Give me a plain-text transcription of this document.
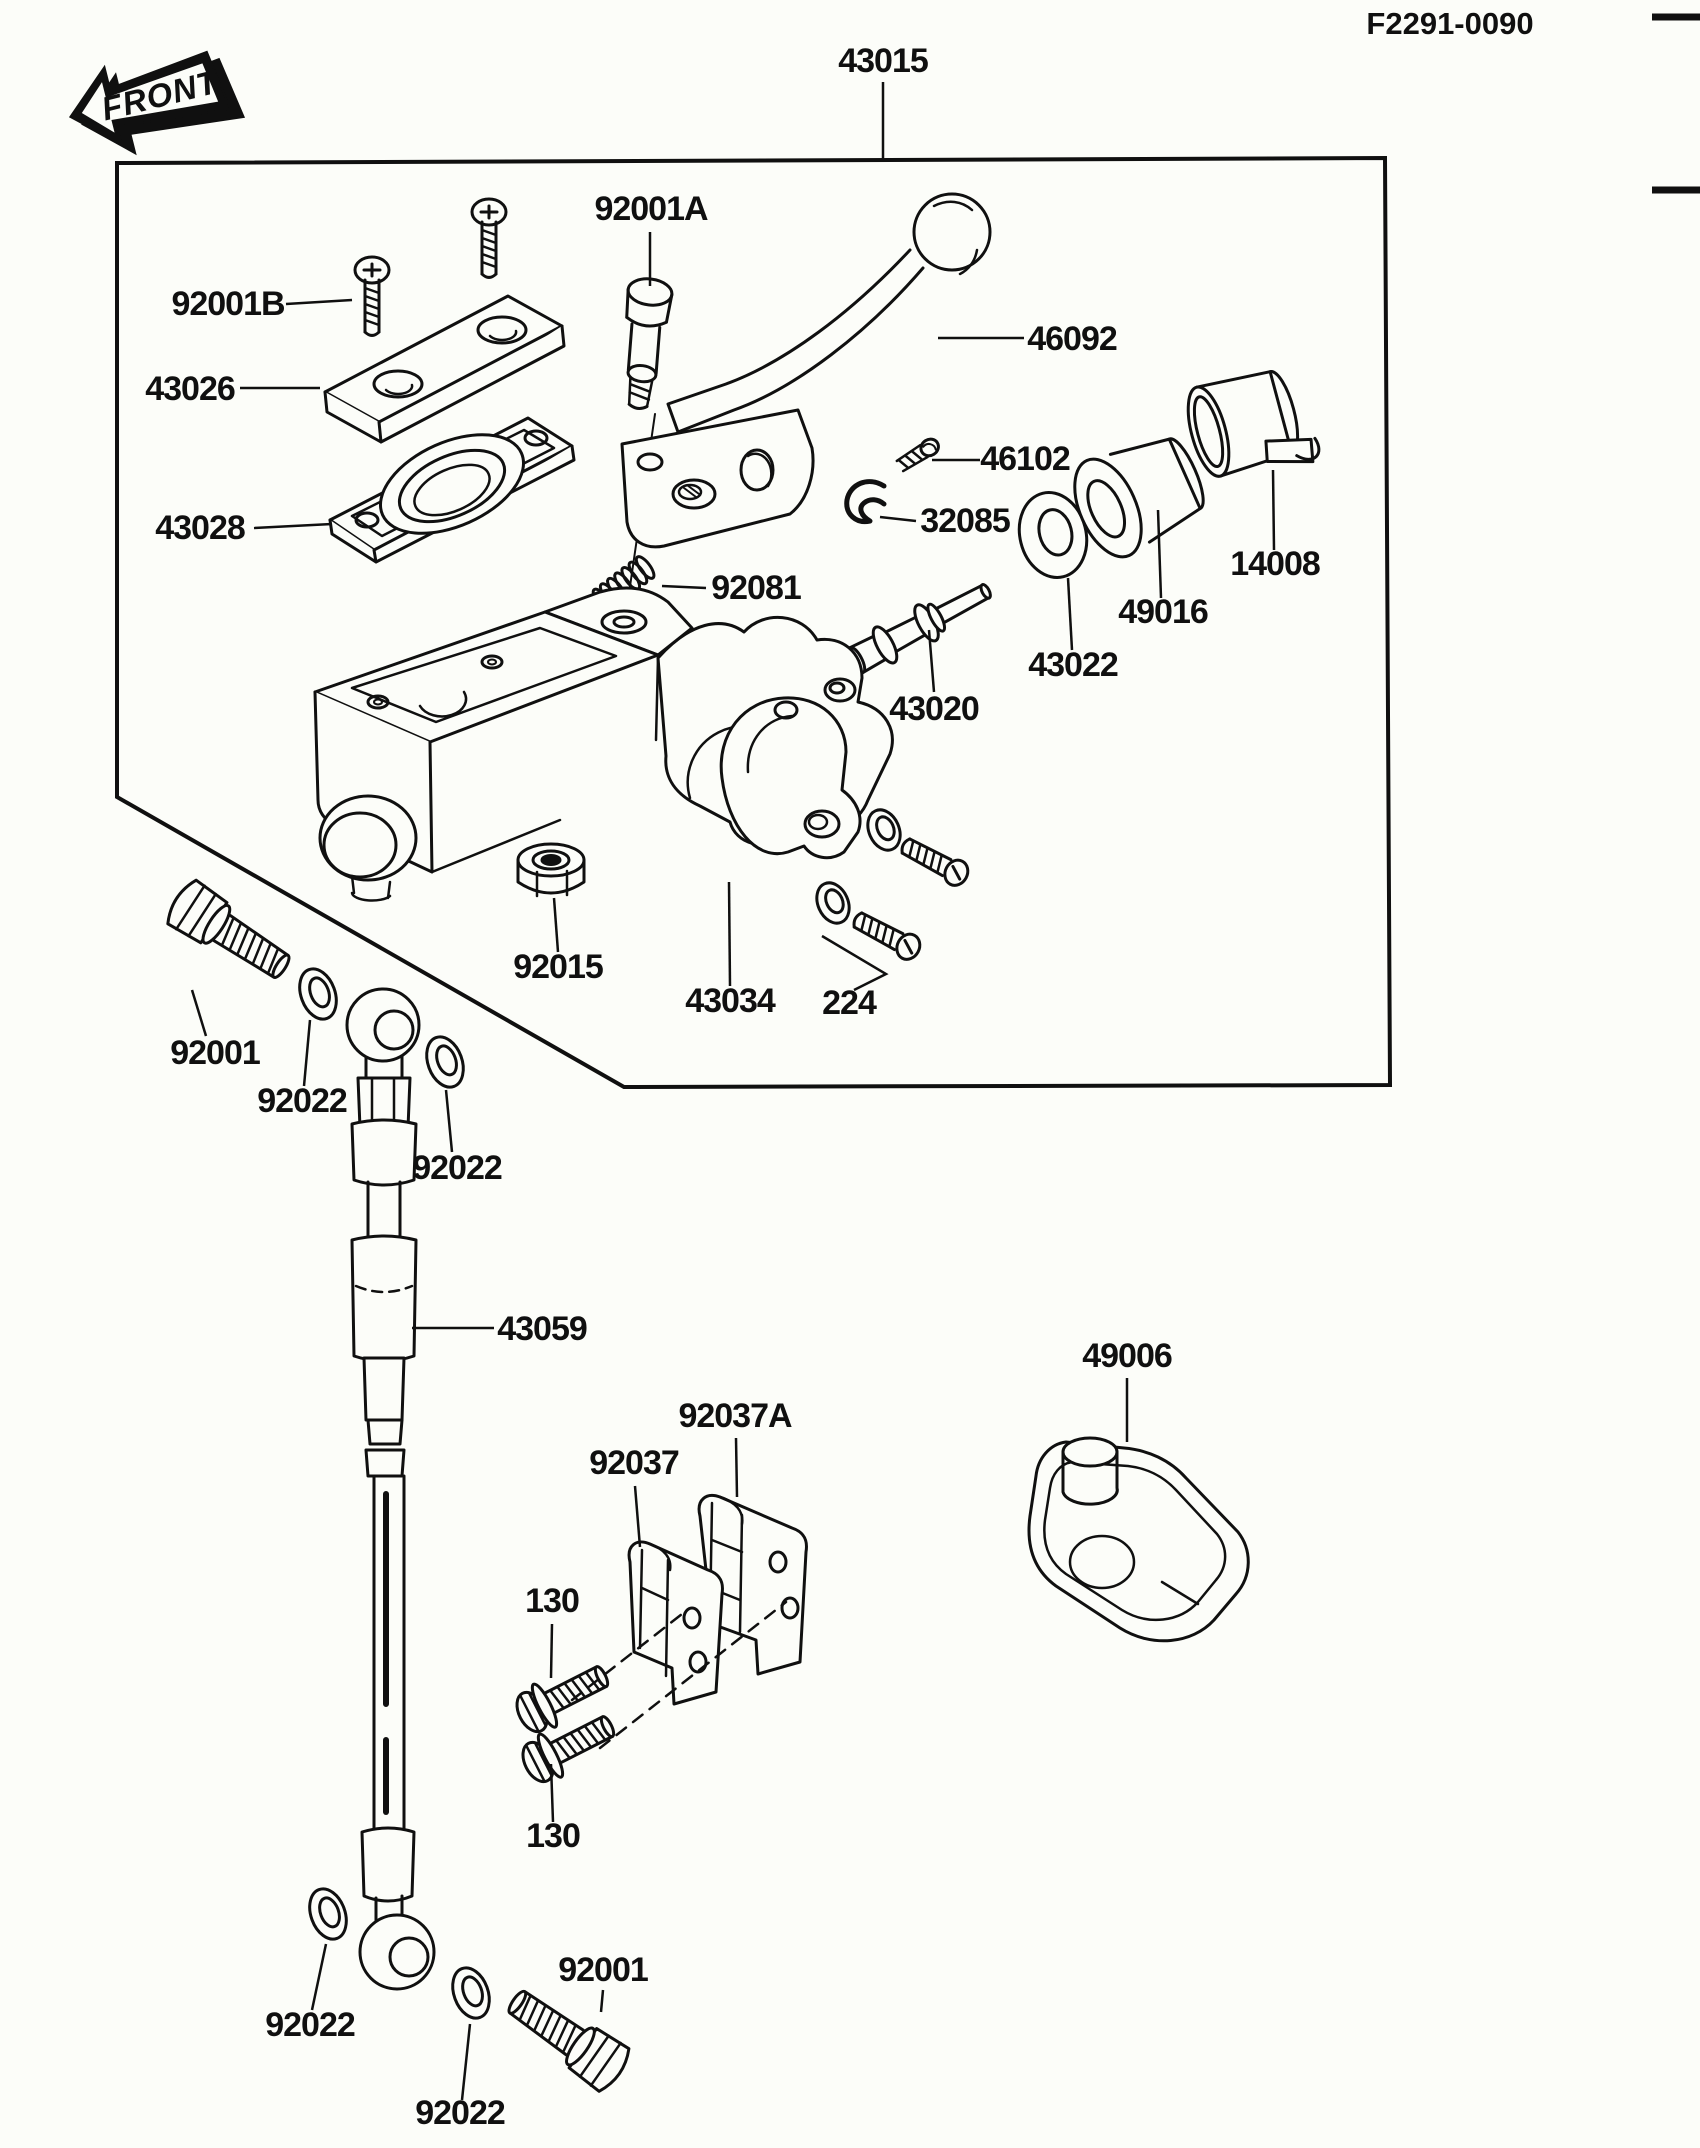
FRONT
F2291-0090
43015
92001B
43026
43028
92001A
46092
46102
32085
92081
43020
43022
49016
14008
92015
43034 224
92001
92022
92022
43059
49006
92037A
92037
130
130
92022
92001
92022
